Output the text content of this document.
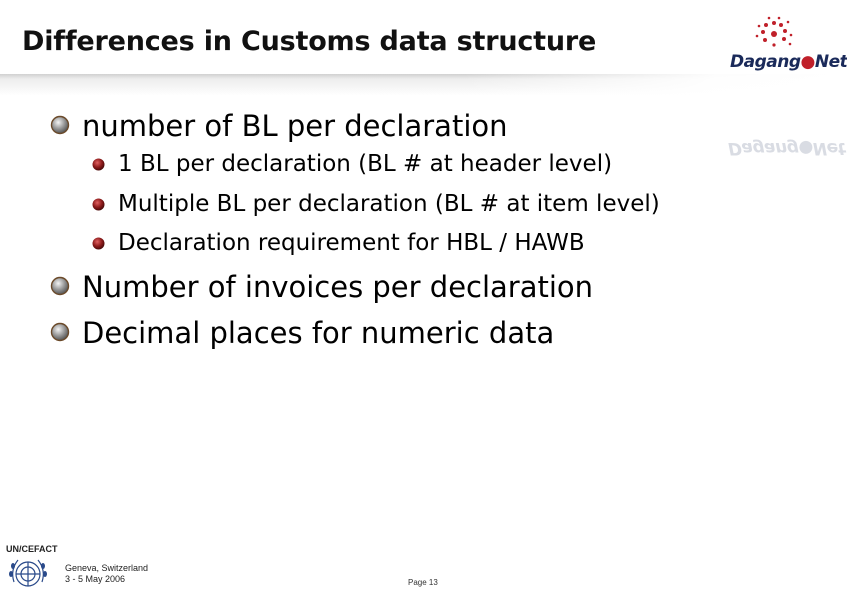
Differences in Customs data structure
Dagang●Net
Dagang●Net
number of BL per declaration
1 BL per declaration (BL # at header level)
Multiple BL per declaration (BL # at item level)
Declaration requirement for HBL / HAWB
Number of invoices per declaration
Decimal places for numeric data
UN/CEFACT
Geneva, Switzerland
3 - 5 May 2006	Page 13
